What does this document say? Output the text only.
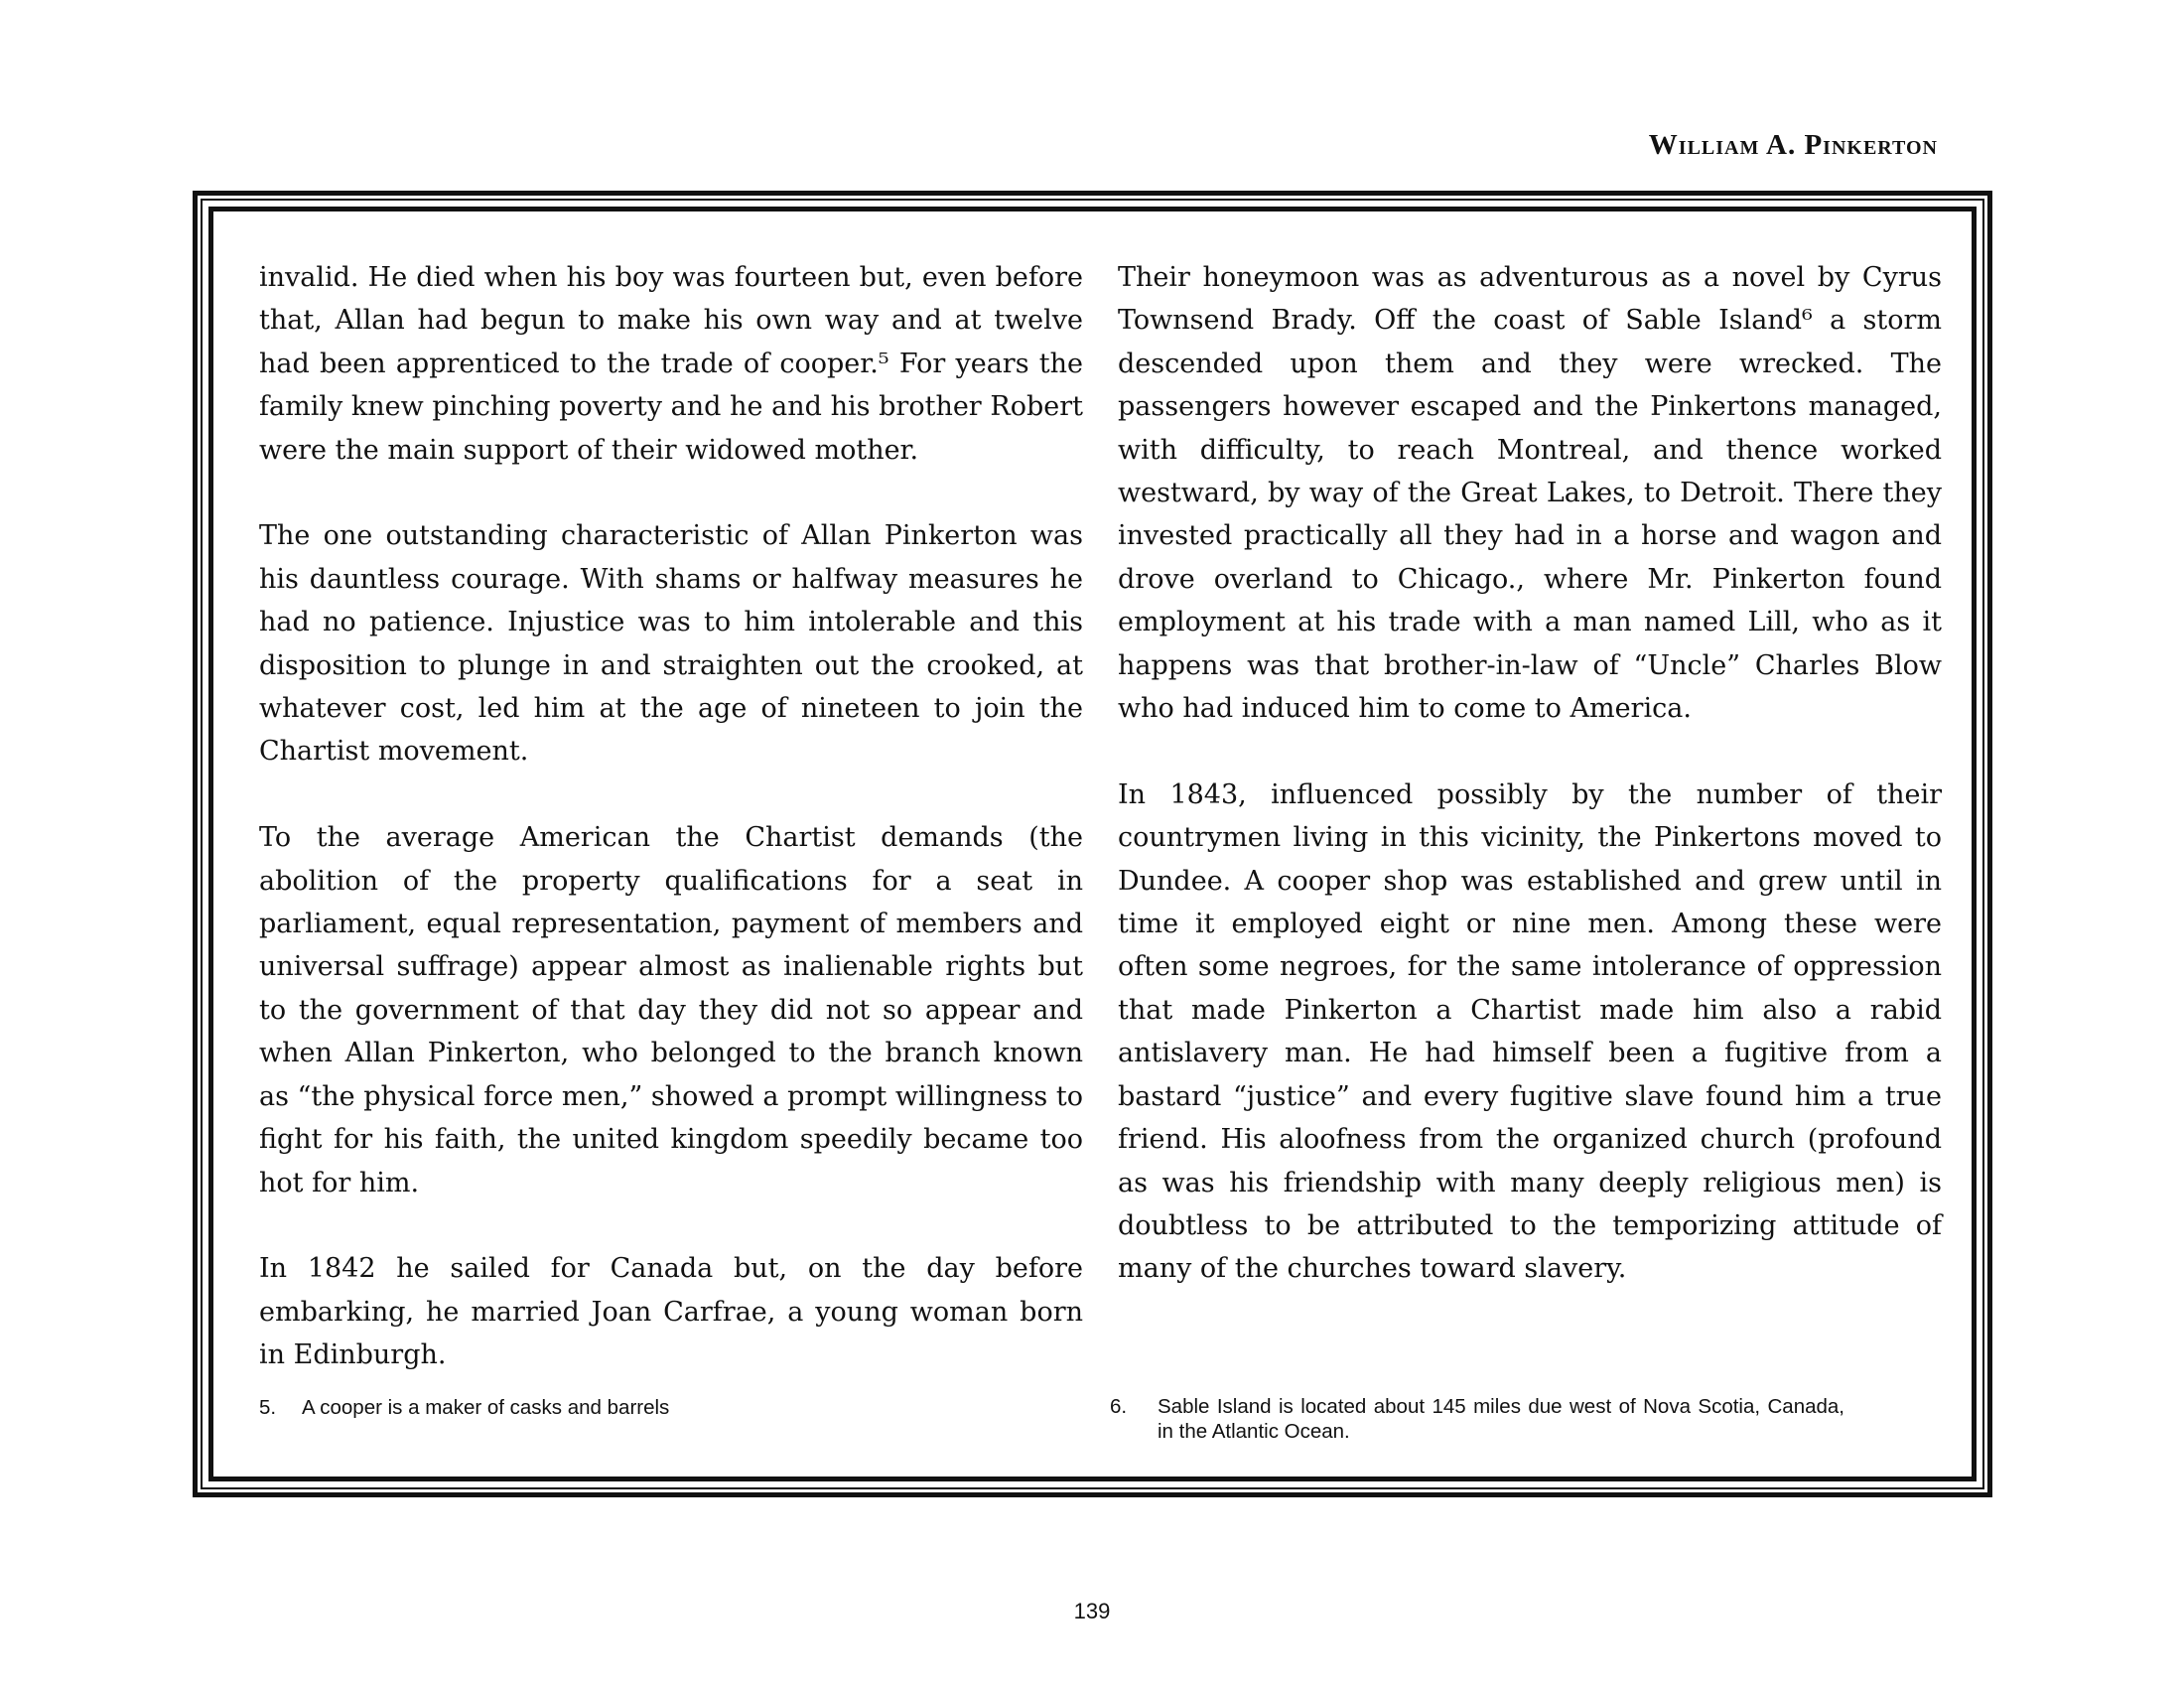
William A. Pinkerton

invalid. He died when his boy was fourteen but, even before that, Allan had begun to make his own way and at twelve had been apprenticed to the trade of cooper.⁵ For years the family knew pinching poverty and he and his brother Robert were the main support of their widowed mother.

The one outstanding characteristic of Allan Pinkerton was his dauntless courage. With shams or halfway measures he had no patience. Injustice was to him intolerable and this disposition to plunge in and straighten out the crooked, at whatever cost, led him at the age of nineteen to join the Chartist movement.

To the average American the Chartist demands (the abolition of the property qualifications for a seat in parliament, equal representation, payment of members and universal suffrage) appear almost as inalienable rights but to the government of that day they did not so appear and when Allan Pinkerton, who belonged to the branch known as “the physical force men,” showed a prompt willingness to fight for his faith, the united kingdom speedily became too hot for him.

In 1842 he sailed for Canada but, on the day before embarking, he married Joan Carfrae, a young woman born in Edinburgh.

Their honeymoon was as adventurous as a novel by Cyrus Townsend Brady. Off the coast of Sable Island⁶ a storm descended upon them and they were wrecked. The passengers however escaped and the Pinkertons managed, with difficulty, to reach Montreal, and thence worked westward, by way of the Great Lakes, to Detroit. There they invested practically all they had in a horse and wagon and drove overland to Chicago., where Mr. Pinkerton found employment at his trade with a man named Lill, who as it happens was that brother-in-law of “Uncle” Charles Blow who had induced him to come to America.

In 1843, influenced possibly by the number of their countrymen living in this vicinity, the Pinkertons moved to Dundee. A cooper shop was established and grew until in time it employed eight or nine men. Among these were often some negroes, for the same intolerance of oppression that made Pinkerton a Chartist made him also a rabid antislavery man. He had himself been a fugitive from a bastard “justice” and every fugitive slave found him a true friend. His aloofness from the organized church (profound as was his friendship with many deeply religious men) is doubtless to be attributed to the temporizing attitude of many of the churches toward slavery.

5. A cooper is a maker of casks and barrels	6. Sable Island is located about 145 miles due west of Nova Scotia, Canada, in the Atlantic Ocean.
139
